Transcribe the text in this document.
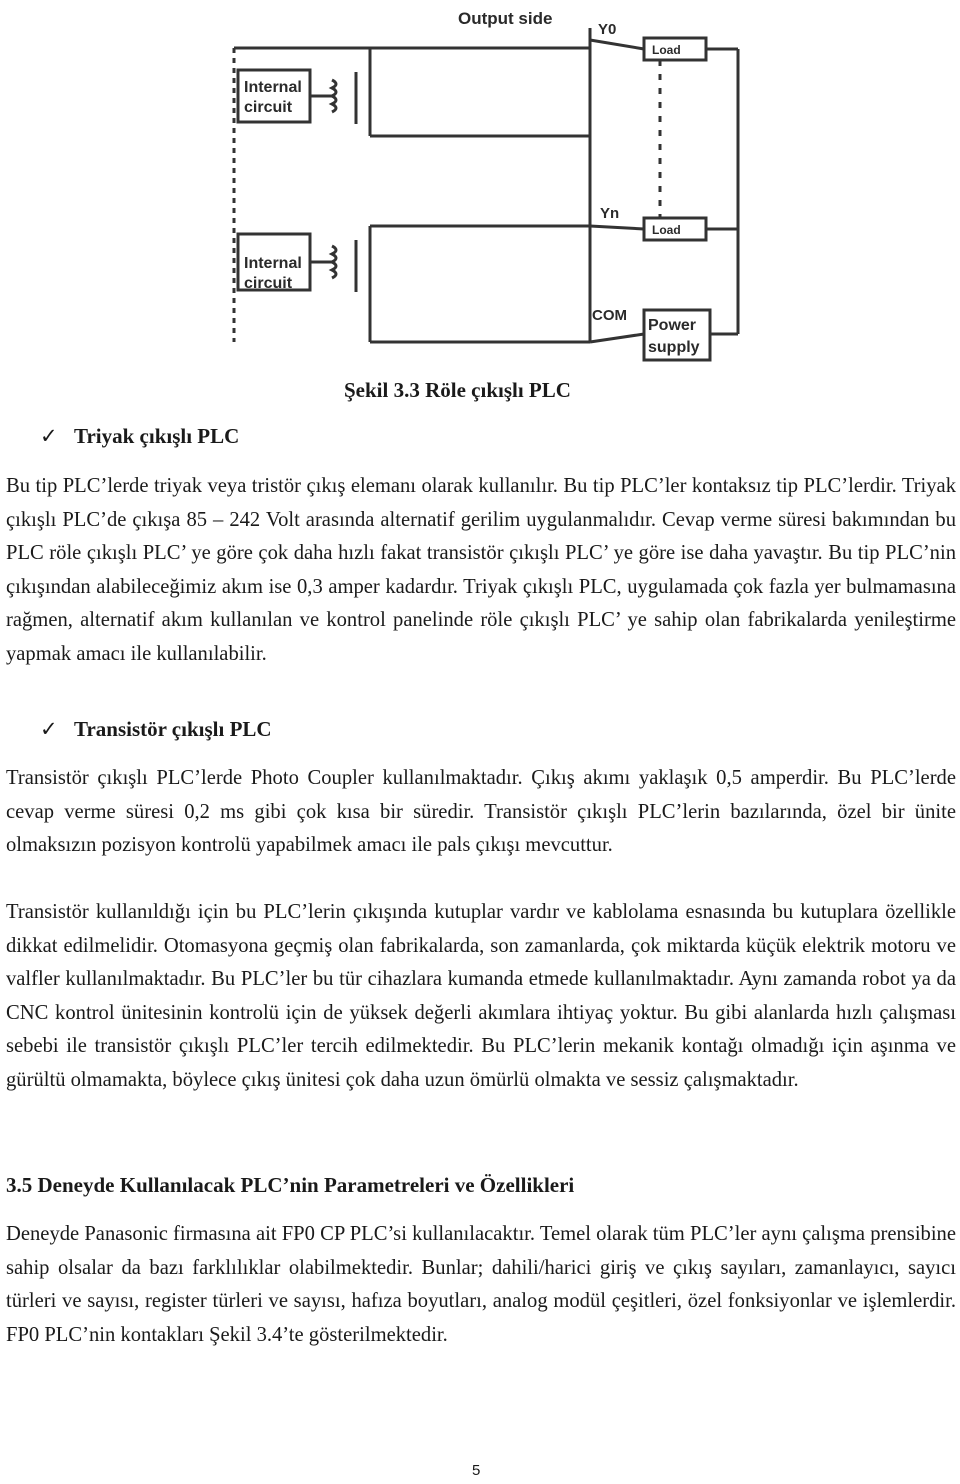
Output side
Y0
Yn
COM
Load
Load
Internal
circuit
Internal
circuit
Power
supply
Şekil 3.3 Röle çıkışlı PLC
✓ Triyak çıkışlı PLC

Bu tip PLC’lerde triyak veya tristör çıkış elemanı olarak kullanılır. Bu tip PLC’ler kontaksız tip PLC’lerdir. Triyak çıkışlı PLC’de çıkışa 85 – 242 Volt arasında alternatif gerilim uygulanmalıdır. Cevap verme süresi bakımından bu PLC röle çıkışlı PLC’ ye göre çok daha hızlı fakat transistör çıkışlı PLC’ ye göre ise daha yavaştır. Bu tip PLC’nin çıkışından alabileceğimiz akım ise 0,3 amper kadardır. Triyak çıkışlı PLC, uygulamada çok fazla yer bulmamasına rağmen, alternatif akım kullanılan ve kontrol panelinde röle çıkışlı PLC’ ye sahip olan fabrikalarda yenileştirme yapmak amacı ile kullanılabilir.

✓ Transistör çıkışlı PLC

Transistör çıkışlı PLC’lerde Photo Coupler kullanılmaktadır. Çıkış akımı yaklaşık 0,5 amperdir. Bu PLC’lerde cevap verme süresi 0,2 ms gibi çok kısa bir süredir. Transistör çıkışlı PLC’lerin bazılarında, özel bir ünite olmaksızın pozisyon kontrolü yapabilmek amacı ile pals çıkışı mevcuttur.

Transistör kullanıldığı için bu PLC’lerin çıkışında kutuplar vardır ve kablolama esnasında bu kutuplara özellikle dikkat edilmelidir. Otomasyona geçmiş olan fabrikalarda, son zamanlarda, çok miktarda küçük elektrik motoru ve valfler kullanılmaktadır. Bu PLC’ler bu tür cihazlara kumanda etmede kullanılmaktadır. Aynı zamanda robot ya da CNC kontrol ünitesinin kontrolü için de yüksek değerli akımlara ihtiyaç yoktur. Bu gibi alanlarda hızlı çalışması sebebi ile transistör çıkışlı PLC’ler tercih edilmektedir. Bu PLC’lerin mekanik kontağı olmadığı için aşınma ve gürültü olmamakta, böylece çıkış ünitesi çok daha uzun ömürlü olmakta ve sessiz çalışmaktadır.

3.5 Deneyde Kullanılacak PLC’nin Parametreleri ve Özellikleri

Deneyde Panasonic firmasına ait FP0 CP PLC’si kullanılacaktır. Temel olarak tüm PLC’ler aynı çalışma prensibine sahip olsalar da bazı farklılıklar olabilmektedir. Bunlar; dahili/harici giriş ve çıkış sayıları, zamanlayıcı, sayıcı türleri ve sayısı, register türleri ve sayısı, hafıza boyutları, analog modül çeşitleri, özel fonksiyonlar ve işlemlerdir. FP0 PLC’nin kontakları Şekil 3.4’te gösterilmektedir.

5
